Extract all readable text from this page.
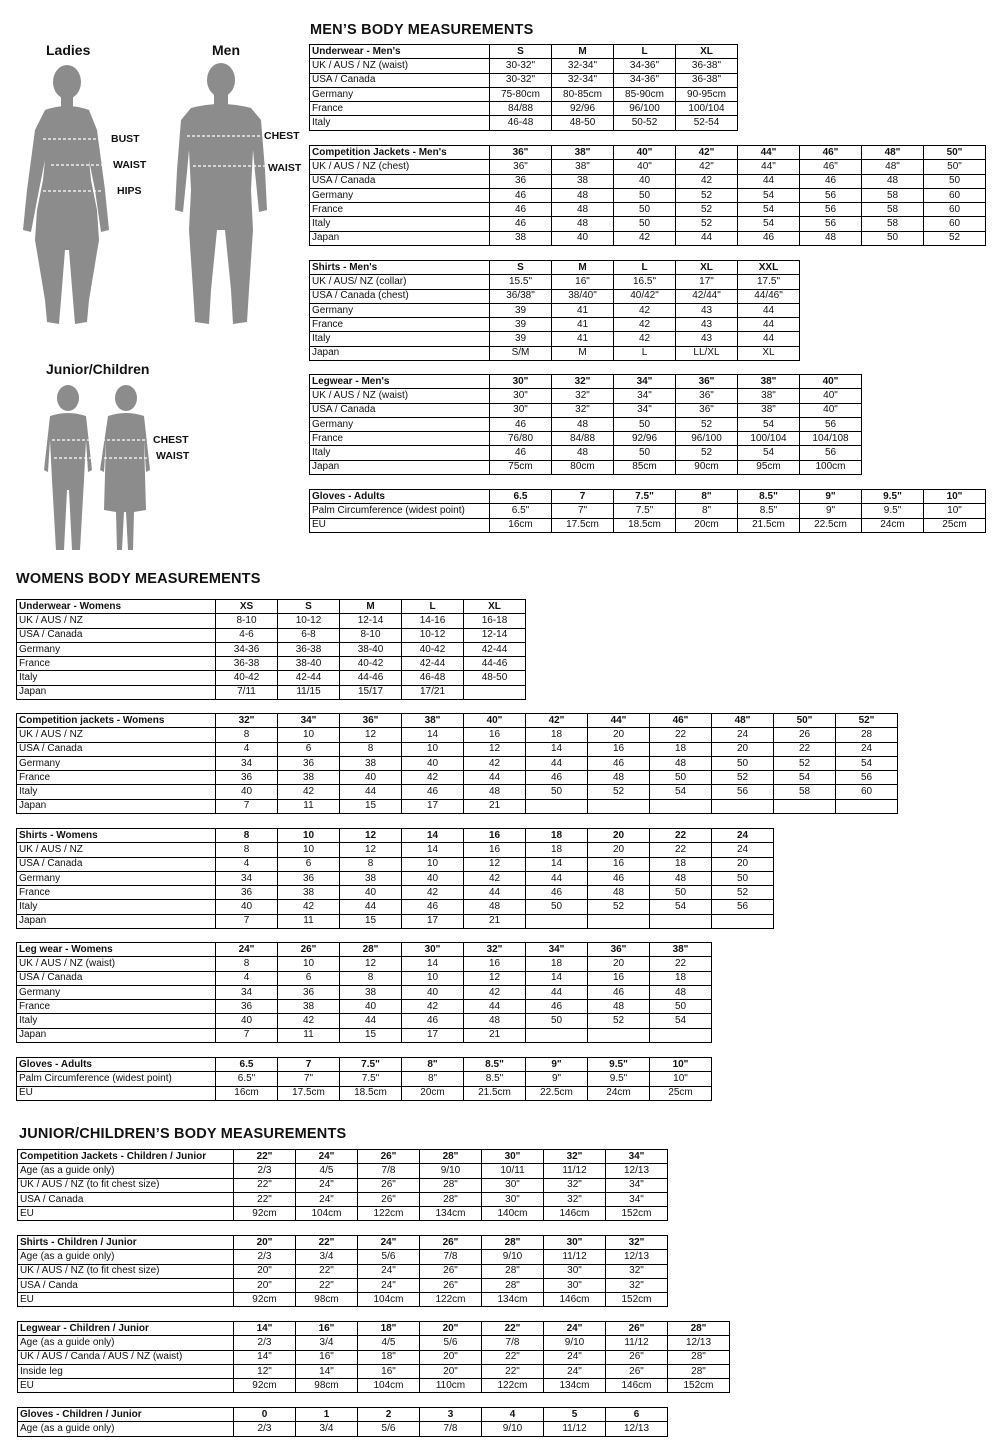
MEN’S BODY MEASUREMENTS
WOMENS BODY MEASUREMENTS
JUNIOR/CHILDREN’S BODY MEASUREMENTS
Ladies	Men
Junior/Children
BUST
WAIST
HIPS
CHEST
WAIST
CHEST
WAIST
Underwear - Men's	S	M	L	XL
UK / AUS / NZ (waist)	30-32"	32-34"	34-36"	36-38"
USA / Canada	30-32"	32-34"	34-36"	36-38"
Germany	75-80cm	80-85cm	85-90cm	90-95cm
France	84/88	92/96	96/100	100/104
Italy	46-48	48-50	50-52	52-54
Competition Jackets - Men's	36"	38"	40"	42"	44"	46"	48"	50"
UK / AUS / NZ (chest)	36"	38"	40"	42"	44"	46"	48"	50"
USA / Canada	36	38	40	42	44	46	48	50
Germany	46	48	50	52	54	56	58	60
France	46	48	50	52	54	56	58	60
Italy	46	48	50	52	54	56	58	60
Japan	38	40	42	44	46	48	50	52
Shirts - Men's	S	M	L	XL	XXL
UK / AUS/ NZ (collar)	15.5"	16"	16.5"	17"	17.5"
USA / Canada (chest)	36/38"	38/40"	40/42"	42/44"	44/46"
Germany	39	41	42	43	44
France	39	41	42	43	44
Italy	39	41	42	43	44
Japan	S/M	M	L	LL/XL	XL
Legwear - Men's	30"	32"	34"	36"	38"	40"
UK / AUS / NZ (waist)	30"	32"	34"	36"	38"	40"
USA / Canada	30"	32"	34"	36"	38"	40"
Germany	46	48	50	52	54	56
France	76/80	84/88	92/96	96/100	100/104	104/108
Italy	46	48	50	52	54	56
Japan	75cm	80cm	85cm	90cm	95cm	100cm
Gloves - Adults	6.5	7	7.5"	8"	8.5"	9"	9.5"	10"
Palm Circumference (widest point)	6.5"	7"	7.5"	8"	8.5"	9"	9.5"	10"
EU	16cm	17.5cm	18.5cm	20cm	21.5cm	22.5cm	24cm	25cm
Underwear - Womens	XS	S	M	L	XL
UK / AUS / NZ	8-10	10-12	12-14	14-16	16-18
USA / Canada	4-6	6-8	8-10	10-12	12-14
Germany	34-36	36-38	38-40	40-42	42-44
France	36-38	38-40	40-42	42-44	44-46
Italy	40-42	42-44	44-46	46-48	48-50
Japan	7/11	11/15	15/17	17/21	
Competition jackets - Womens	32"	34"	36"	38"	40"	42"	44"	46"	48"	50"	52"
UK / AUS / NZ	8	10	12	14	16	18	20	22	24	26	28
USA / Canada	4	6	8	10	12	14	16	18	20	22	24
Germany	34	36	38	40	42	44	46	48	50	52	54
France	36	38	40	42	44	46	48	50	52	54	56
Italy	40	42	44	46	48	50	52	54	56	58	60
Japan	7	11	15	17	21						
Shirts - Womens	8	10	12	14	16	18	20	22	24
UK / AUS / NZ	8	10	12	14	16	18	20	22	24
USA / Canada	4	6	8	10	12	14	16	18	20
Germany	34	36	38	40	42	44	46	48	50
France	36	38	40	42	44	46	48	50	52
Italy	40	42	44	46	48	50	52	54	56
Japan	7	11	15	17	21				
Leg wear - Womens	24"	26"	28"	30"	32"	34"	36"	38"
UK / AUS / NZ (waist)	8	10	12	14	16	18	20	22
USA / Canada	4	6	8	10	12	14	16	18
Germany	34	36	38	40	42	44	46	48
France	36	38	40	42	44	46	48	50
Italy	40	42	44	46	48	50	52	54
Japan	7	11	15	17	21			
Gloves - Adults	6.5	7	7.5"	8"	8.5"	9"	9.5"	10"
Palm Circumference (widest point)	6.5"	7"	7.5"	8"	8.5"	9"	9.5"	10"
EU	16cm	17.5cm	18.5cm	20cm	21.5cm	22.5cm	24cm	25cm
Competition Jackets - Children / Junior	22"	24"	26"	28"	30"	32"	34"
Age (as a guide only)	2/3	4/5	7/8	9/10	10/11	11/12	12/13
UK / AUS / NZ (to fit chest size)	22"	24"	26"	28"	30"	32"	34"
USA / Canada	22"	24"	26"	28"	30"	32"	34"
EU	92cm	104cm	122cm	134cm	140cm	146cm	152cm
Shirts - Children / Junior	20"	22"	24"	26"	28"	30"	32"
Age (as a guide only)	2/3	3/4	5/6	7/8	9/10	11/12	12/13
UK / AUS / NZ (to fit chest size)	20"	22"	24"	26"	28"	30"	32"
USA / Canda	20"	22"	24"	26"	28"	30"	32"
EU	92cm	98cm	104cm	122cm	134cm	146cm	152cm
Legwear - Children / Junior	14"	16"	18"	20"	22"	24"	26"	28"
Age (as a guide only)	2/3	3/4	4/5	5/6	7/8	9/10	11/12	12/13
UK / AUS / Canda / AUS / NZ (waist)	14"	16"	18"	20"	22"	24"	26"	28"
Inside leg	12"	14"	16"	20"	22"	24"	26"	28"
EU	92cm	98cm	104cm	110cm	122cm	134cm	146cm	152cm
Gloves - Children / Junior	0	1	2	3	4	5	6
Age (as a guide only)	2/3	3/4	5/6	7/8	9/10	11/12	12/13
